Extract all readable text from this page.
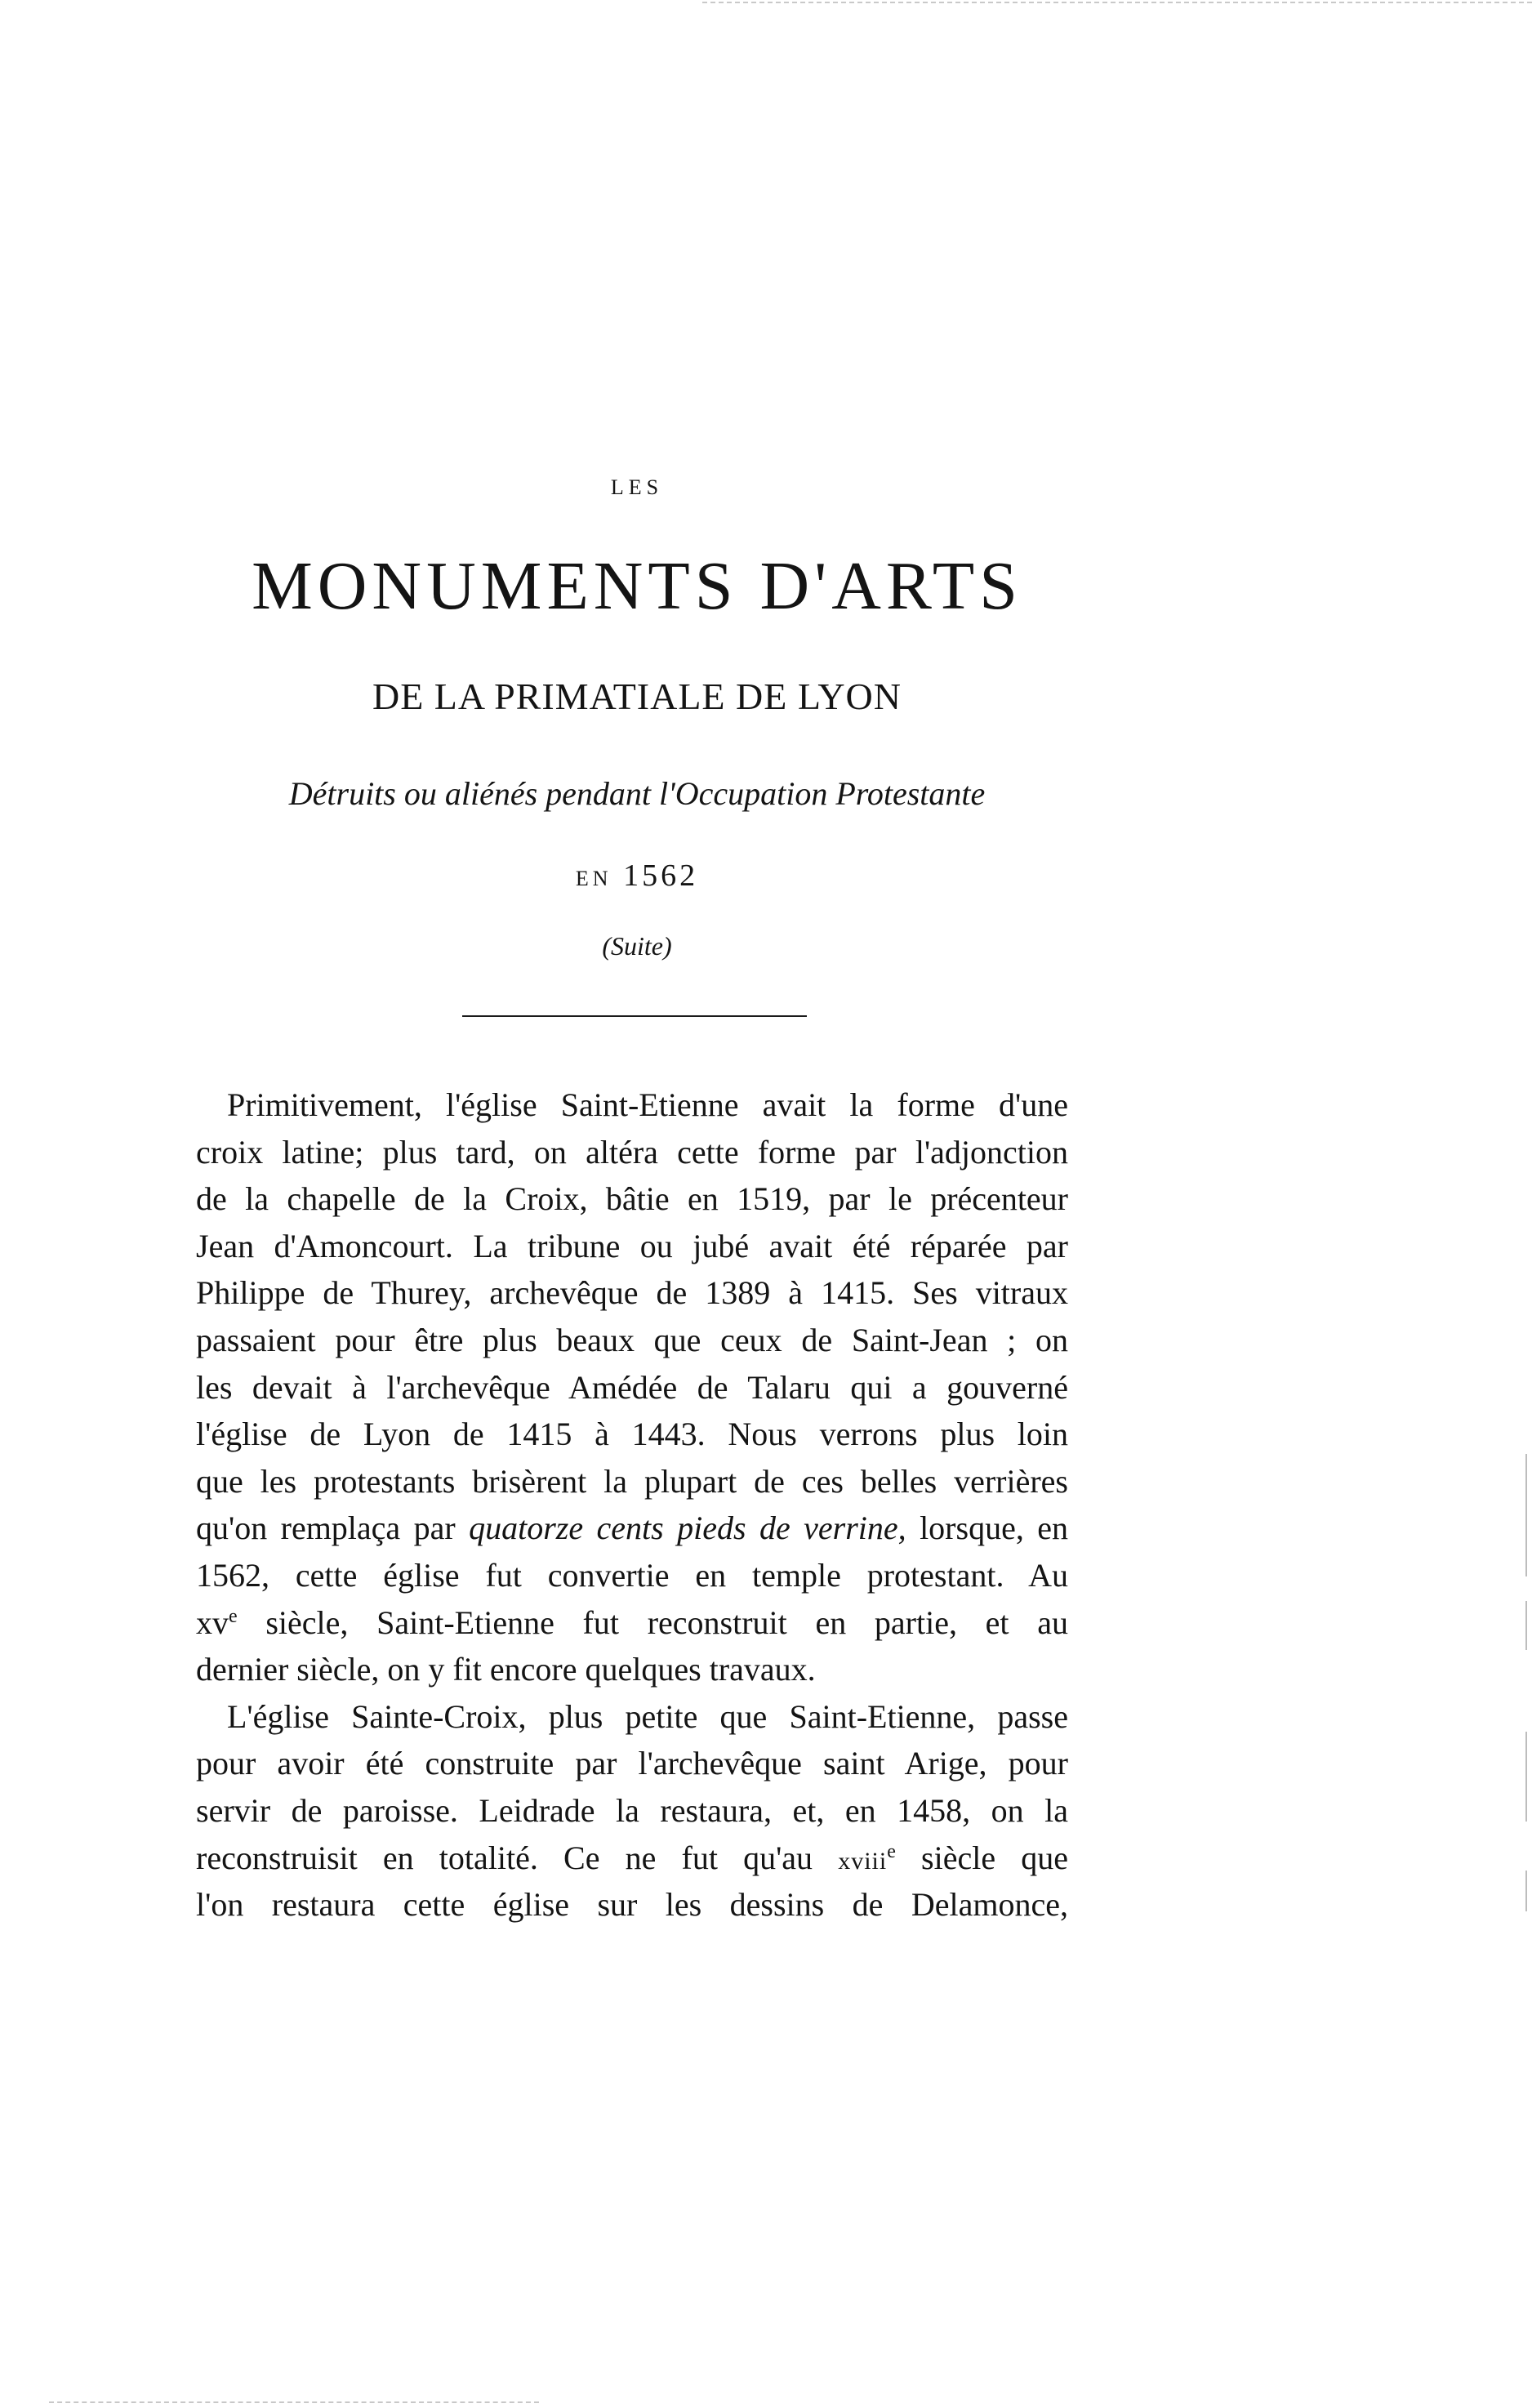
LES
MONUMENTS D'ARTS
DE LA PRIMATIALE DE LYON
Détruits ou aliénés pendant l'Occupation Protestante
EN 1562
(Suite)
Primitivement, l'église Saint-Etienne avait la forme d'une
croix latine; plus tard, on altéra cette forme par l'adjonction
de la chapelle de la Croix, bâtie en 1519, par le précenteur
Jean d'Amoncourt. La tribune ou jubé avait été réparée par
Philippe de Thurey, archevêque de 1389 à 1415. Ses vitraux
passaient pour être plus beaux que ceux de Saint-Jean ; on
les devait à l'archevêque Amédée de Talaru qui a gouverné
l'église de Lyon de 1415 à 1443. Nous verrons plus loin
que les protestants brisèrent la plupart de ces belles verrières
qu'on remplaça par quatorze cents pieds de verrine, lorsque, en
1562, cette église fut convertie en temple protestant. Au
$xv^e$ siècle, Saint-Etienne fut reconstruit en partie, et au
dernier siècle, on y fit encore quelques travaux.
L'église Sainte-Croix, plus petite que Saint-Etienne, passe
pour avoir été construite par l'archevêque saint Arige, pour
servir de paroisse. Leidrade la restaura, et, en 1458, on la
reconstruisit en totalité. Ce ne fut qu'au xviii$^e$ siècle que
l'on restaura cette église sur les dessins de Delamonce,
